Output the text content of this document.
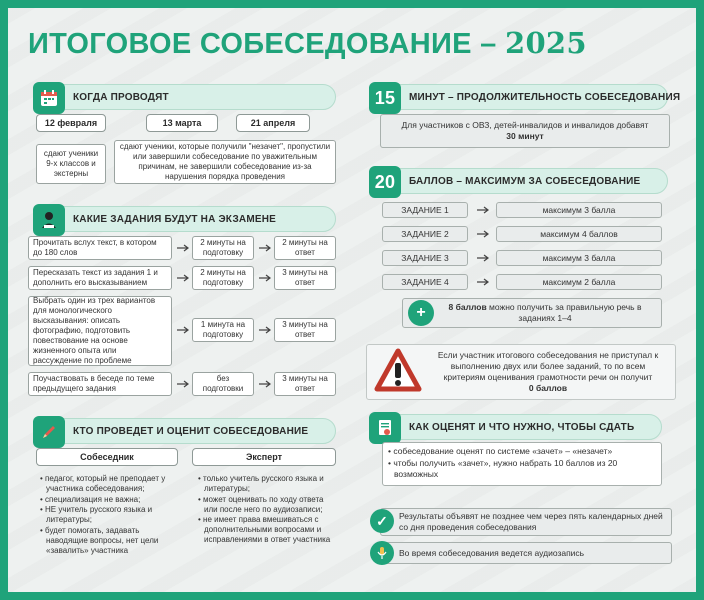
ИТОГОВОЕ СОБЕСЕДОВАНИЕ – 2025
КОГДА ПРОВОДЯТ
12 февраля	13 марта	21 апреля
сдают ученики 9-х классов и экстерны
сдают ученики, которые получили "незачет", пропустили или завершили собеседование по уважительным причинам, не завершили собеседование из-за нарушения порядка проведения
КАКИЕ ЗАДАНИЯ БУДУТ НА ЭКЗАМЕНЕ
Прочитать вслух текст, в котором до 180 слов
2 минуты на подготовку
2 минуты на ответ
Пересказать текст из задания 1 и дополнить его высказыванием
2 минуты на подготовку
3 минуты на ответ
Выбрать один из трех вариантов для монологического высказывания: описать фотографию, подготовить повествование на основе жизненного опыта или рассуждение по проблеме
1 минута на подготовку
3 минуты на ответ
Поучаствовать в беседе по теме предыдущего задания
без подготовки
3 минуты на ответ
КТО ПРОВЕДЕТ И ОЦЕНИТ СОБЕСЕДОВАНИЕ
Собеседник	Эксперт
• педагог, который не преподает у участника собеседования;
• специализация не важна;
• НЕ учитель русского языка и литературы;
• будет помогать, задавать наводящие вопросы, нет цели «завалить» участника
• только учитель русского языка и литературы;
• может оценивать по ходу ответа или после него по аудиозаписи;
• не имеет права вмешиваться с дополнительными вопросами и исправлениями в ответ участника
15	МИНУТ – ПРОДОЛЖИТЕЛЬНОСТЬ СОБЕСЕДОВАНИЯ
Для участников с ОВЗ, детей-инвалидов и инвалидов добавят
30 минут
20	БАЛЛОВ – МАКСИМУМ ЗА СОБЕСЕДОВАНИЕ
ЗАДАНИЕ 1	максимум 3 балла
ЗАДАНИЕ 2	максимум 4 баллов
ЗАДАНИЕ 3	максимум 3 балла
ЗАДАНИЕ 4	максимум 2 балла
8 баллов можно получить за правильную речь в заданиях 1–4
+
Если участник итогового собеседования не приступал к выполнению двух или более заданий, то по всем критериям оценивания грамотности речи он получит
0 баллов
КАК ОЦЕНЯТ И ЧТО НУЖНО, ЧТОБЫ СДАТЬ
• собеседование оценят по системе «зачет» – «незачет»
• чтобы получить «зачет», нужно набрать 10 баллов из 20 возможных
Результаты объявят не позднее чем через пять календарных дней со дня проведения собеседования
✓
Во время собеседования ведется аудиозапись
